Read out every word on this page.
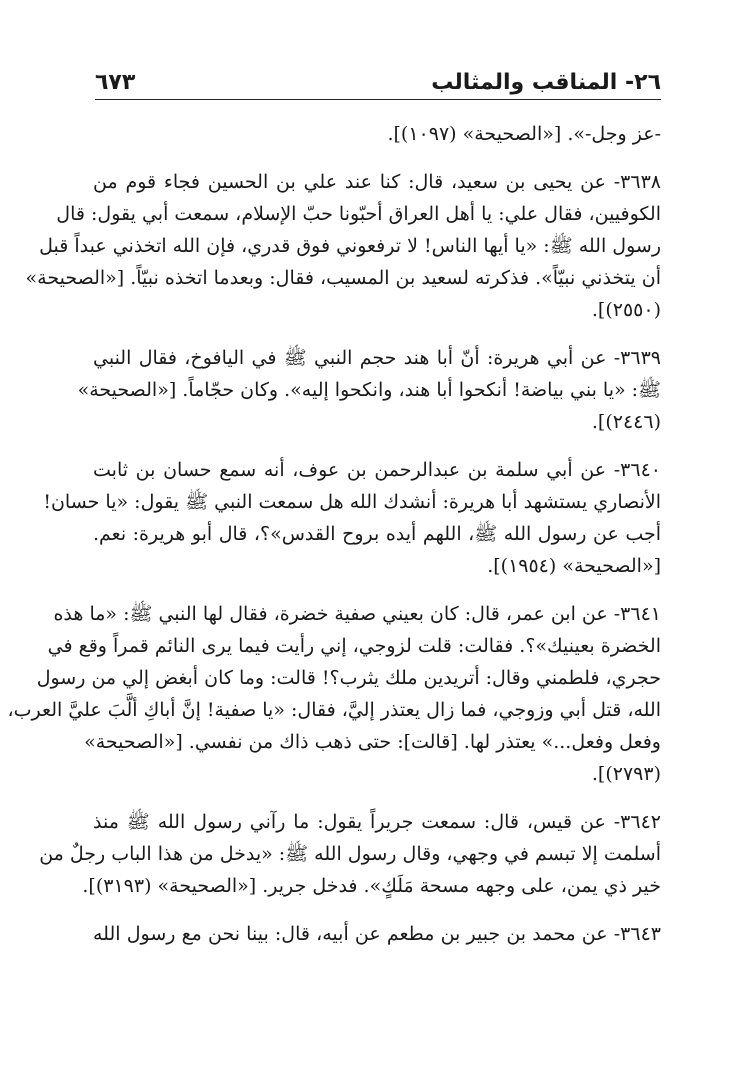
٦٧٣	٢٦- المناقب والمثالب
-عز وجل-». [«الصحيحة» (١٠٩٧)].
٣٦٣٨- عن يحيى بن سعيد، قال: كنا عند علي بن الحسين فجاء قوم من
الكوفيين، فقال علي: يا أهل العراق أحبّونا حبّ الإسلام، سمعت أبي يقول: قال
رسول الله ﷺ: «يا أيها الناس! لا ترفعوني فوق قدري، فإن الله اتخذني عبداً قبل
أن يتخذني نبيّاً». فذكرته لسعيد بن المسيب، فقال: وبعدما اتخذه نبيّاً. [«الصحيحة»
(٢٥٥٠)].
٣٦٣٩- عن أبي هريرة: أنّ أبا هند حجم النبي ﷺ في اليافوخ، فقال النبي
ﷺ: «يا بني بياضة! أنكحوا أبا هند، وانكحوا إليه». وكان حجّاماً. [«الصحيحة»
(٢٤٤٦)].
٣٦٤٠- عن أبي سلمة بن عبدالرحمن بن عوف، أنه سمع حسان بن ثابت
الأنصاري يستشهد أبا هريرة: أنشدك الله هل سمعت النبي ﷺ يقول: «يا حسان!
أجب عن رسول الله ﷺ، اللهم أيده بروح القدس»؟، قال أبو هريرة: نعم.
[«الصحيحة» (١٩٥٤)].
٣٦٤١- عن ابن عمر، قال: كان بعيني صفية خضرة، فقال لها النبي ﷺ: «ما هذه
الخضرة بعينيك»؟. فقالت: قلت لزوجي، إني رأيت فيما يرى النائم قمراً وقع في
حجري، فلطمني وقال: أتريدين ملك يثرب؟! قالت: وما كان أبغض إلي من رسول
الله، قتل أبي وزوجي، فما زال يعتذر إليَّ، فقال: «يا صفية! إنَّ أباكِ ألَّبَ عليَّ العرب،
وفعل وفعل...» يعتذر لها. [قالت]: حتى ذهب ذاك من نفسي. [«الصحيحة»
(٢٧٩٣)].
٣٦٤٢- عن قيس، قال: سمعت جريراً يقول: ما رآني رسول الله ﷺ منذ
أسلمت إلا تبسم في وجهي، وقال رسول الله ﷺ: «يدخل من هذا الباب رجلٌ من
خير ذي يمن، على وجهه مسحة مَلَكٍ». فدخل جرير. [«الصحيحة» (٣١٩٣)].
٣٦٤٣- عن محمد بن جبير بن مطعم عن أبيه، قال: بينا نحن مع رسول الله
